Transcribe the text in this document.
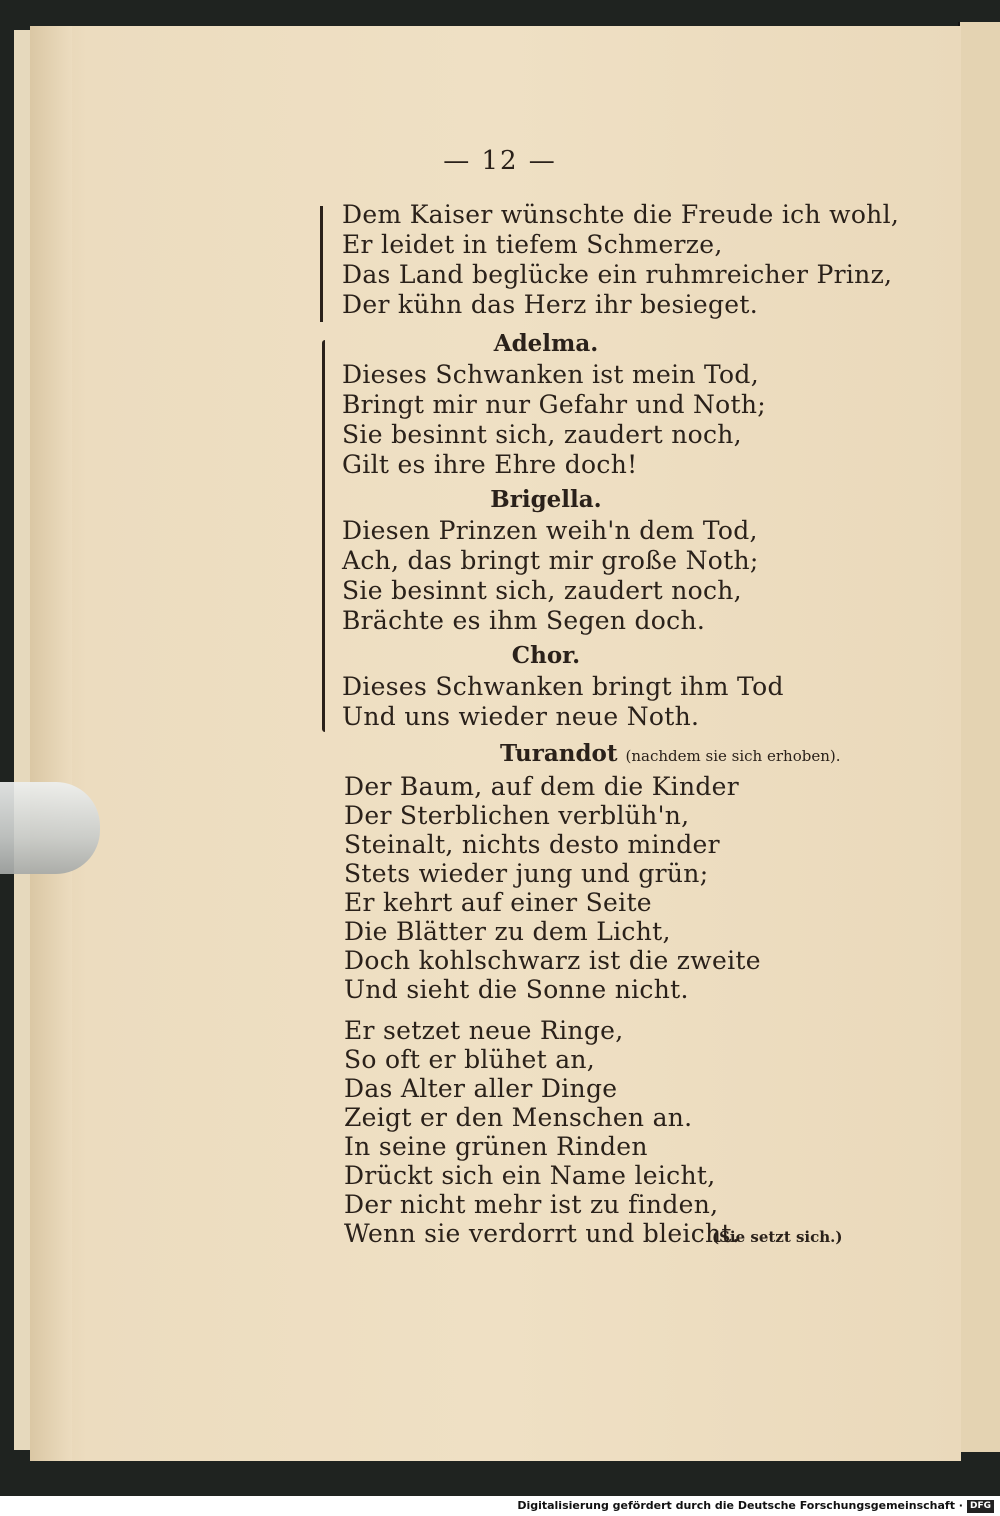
— 12 —
Dem Kaiser wünschte die Freude ich wohl,
Er leidet in tiefem Schmerze,
Das Land beglücke ein ruhmreicher Prinz,
Der kühn das Herz ihr besieget.
Adelma.
Dieses Schwanken ist mein Tod,
Bringt mir nur Gefahr und Noth;
Sie besinnt sich, zaudert noch,
Gilt es ihre Ehre doch!
Brigella.
Diesen Prinzen weih'n dem Tod,
Ach, das bringt mir große Noth;
Sie besinnt sich, zaudert noch,
Brächte es ihm Segen doch.
Chor.
Dieses Schwanken bringt ihm Tod
Und uns wieder neue Noth.
Turandot (nachdem sie sich erhoben).
Der Baum, auf dem die Kinder
Der Sterblichen verblüh'n,
Steinalt, nichts desto minder
Stets wieder jung und grün;
Er kehrt auf einer Seite
Die Blätter zu dem Licht,
Doch kohlschwarz ist die zweite
Und sieht die Sonne nicht.
Er setzet neue Ringe,
So oft er blühet an,
Das Alter aller Dinge
Zeigt er den Menschen an.
In seine grünen Rinden
Drückt sich ein Name leicht,
Der nicht mehr ist zu finden,
Wenn sie verdorrt und bleicht.
(Sie setzt sich.)
Digitalisierung gefördert durch die Deutsche Forschungsgemeinschaft · DFG
